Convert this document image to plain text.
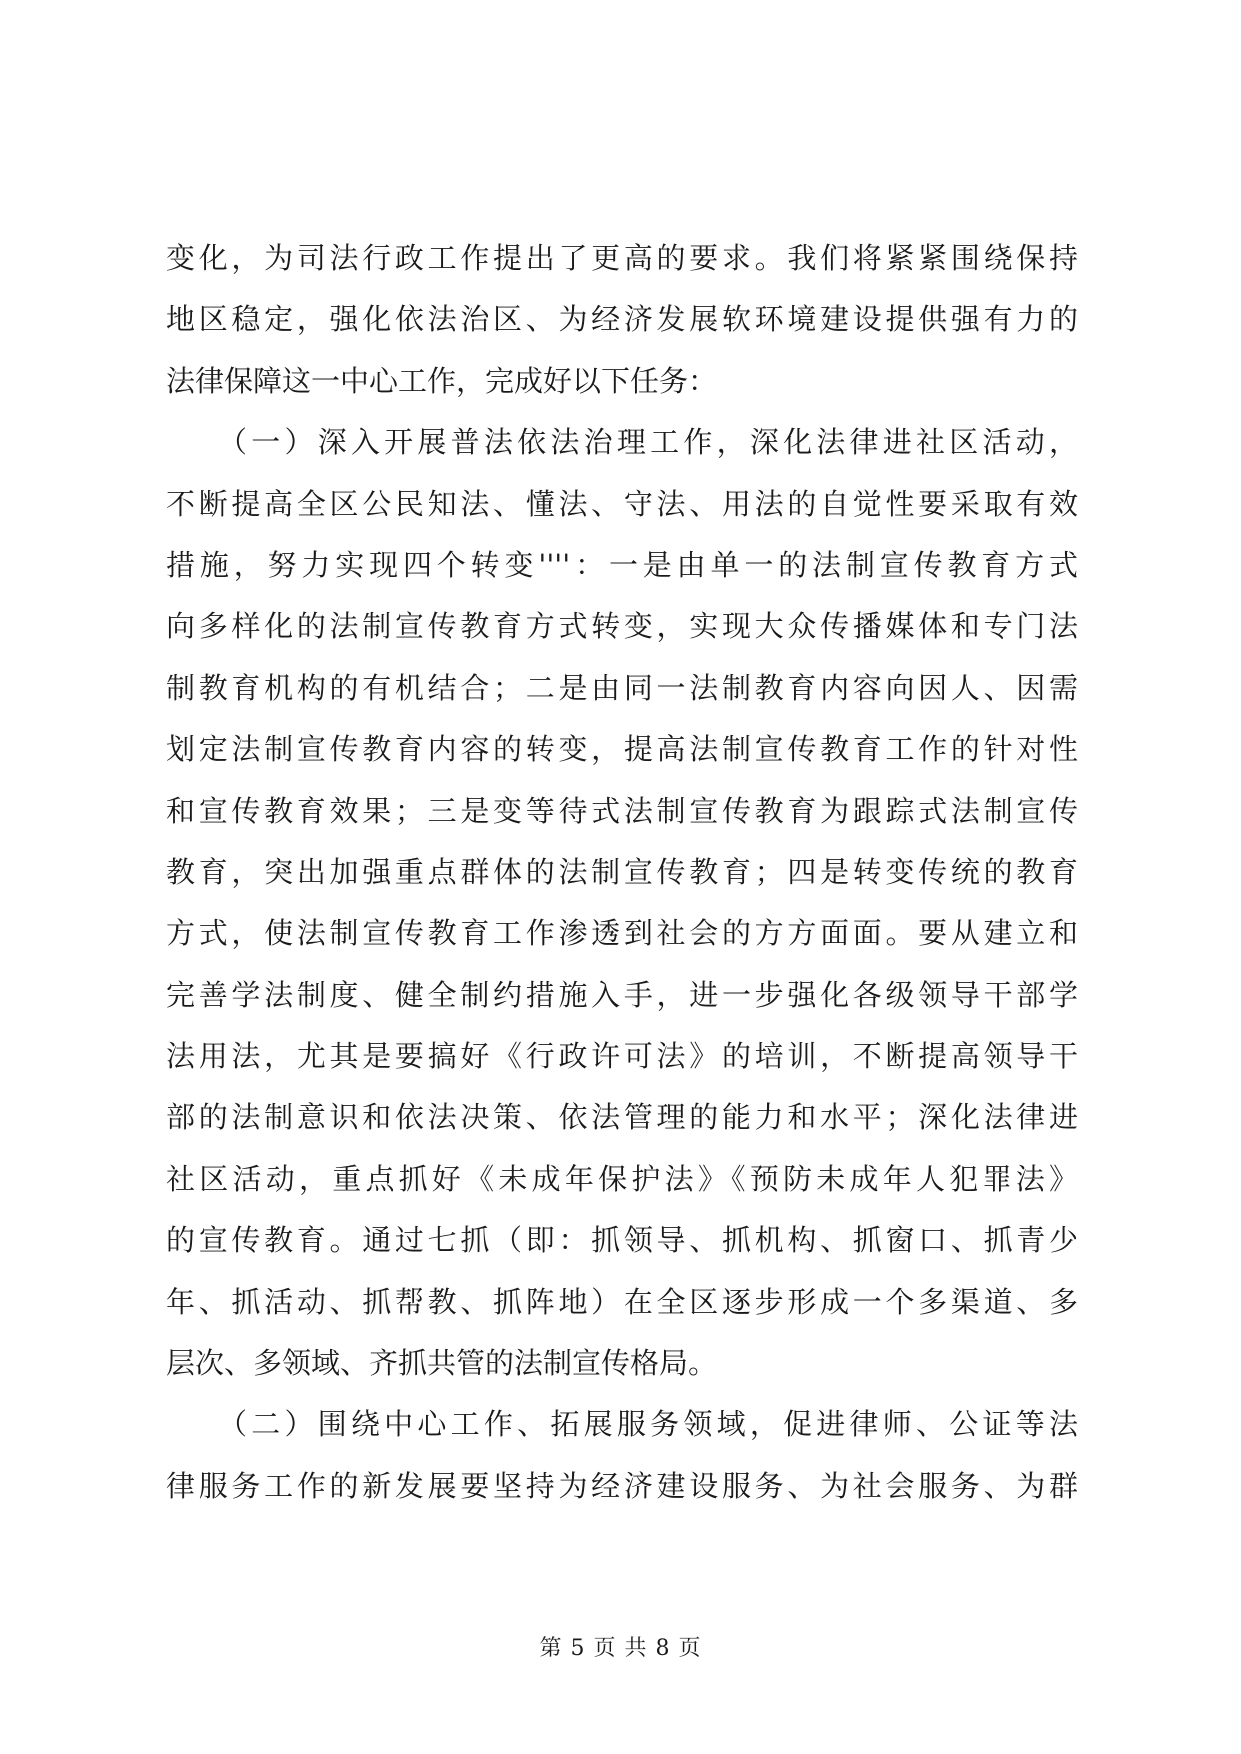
变化，为司法行政工作提出了更高的要求。我们将紧紧围绕保持
地区稳定，强化依法治区、为经济发展软环境建设提供强有力的
法律保障这一中心工作，完成好以下任务：
　　（一）深入开展普法依法治理工作，深化法律进社区活动，
不断提高全区公民知法、懂法、守法、用法的自觉性要采取有效
措施，努力实现四个转变''''：一是由单一的法制宣传教育方式
向多样化的法制宣传教育方式转变，实现大众传播媒体和专门法
制教育机构的有机结合；二是由同一法制教育内容向因人、因需
划定法制宣传教育内容的转变，提高法制宣传教育工作的针对性
和宣传教育效果；三是变等待式法制宣传教育为跟踪式法制宣传
教育，突出加强重点群体的法制宣传教育；四是转变传统的教育
方式，使法制宣传教育工作渗透到社会的方方面面。要从建立和
完善学法制度、健全制约措施入手，进一步强化各级领导干部学
法用法，尤其是要搞好《行政许可法》的培训，不断提高领导干
部的法制意识和依法决策、依法管理的能力和水平；深化法律进
社区活动，重点抓好《未成年保护法》《预防未成年人犯罪法》
的宣传教育。通过七抓（即：抓领导、抓机构、抓窗口、抓青少
年、抓活动、抓帮教、抓阵地）在全区逐步形成一个多渠道、多
层次、多领域、齐抓共管的法制宣传格局。
　　（二）围绕中心工作、拓展服务领域，促进律师、公证等法
律服务工作的新发展要坚持为经济建设服务、为社会服务、为群
第 5 页 共 8 页
